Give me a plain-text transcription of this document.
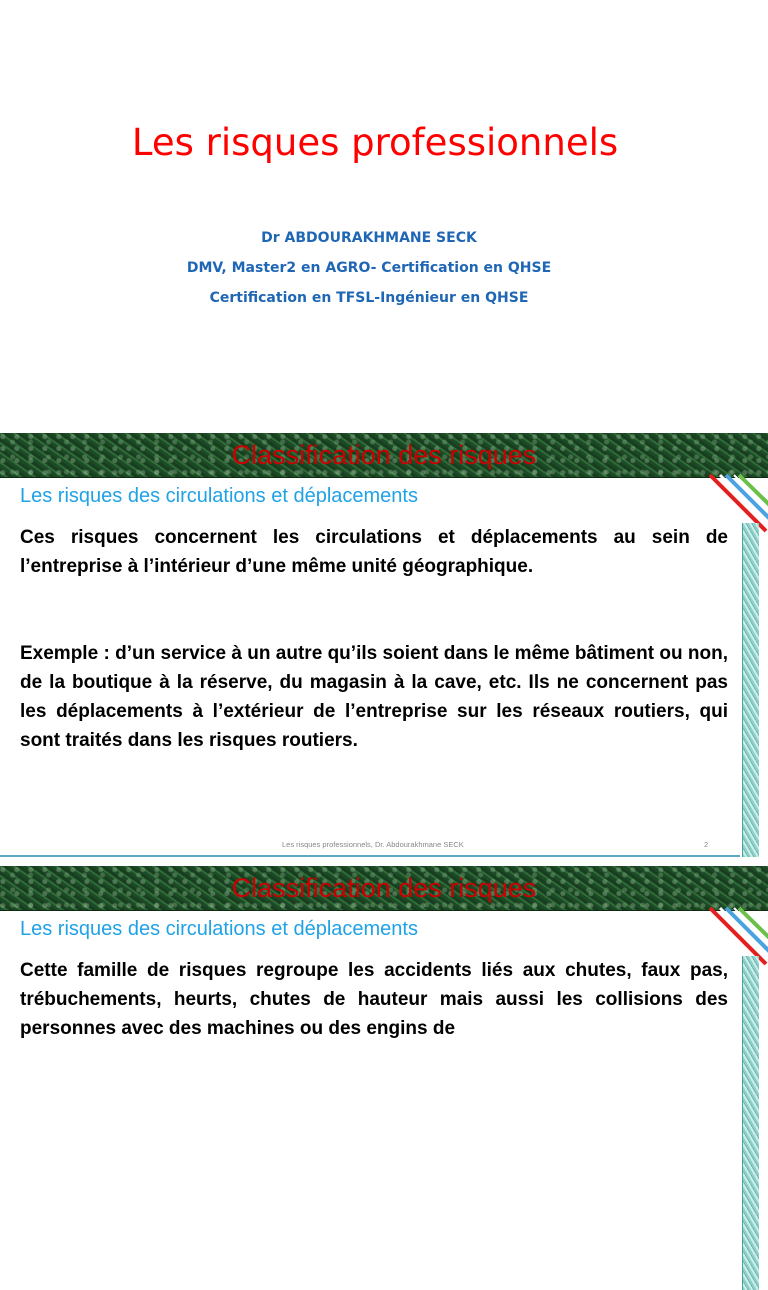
Les risques professionnels
Dr ABDOURAKHMANE SECK
DMV, Master2 en AGRO- Certification en QHSE
Certification en TFSL-Ingénieur en QHSE
Classification des risques
Les risques des circulations et déplacements

Ces risques concernent les circulations et déplacements au sein de l’entreprise à l’intérieur d’une même unité géographique.

Exemple : d’un service à un autre qu’ils soient dans le même bâtiment ou non, de la boutique à la réserve, du magasin à la cave, etc. Ils ne concernent pas les déplacements à l’extérieur de l’entreprise sur les réseaux routiers, qui sont traités dans les risques routiers.

Les risques professionnels, Dr. Abdourakhmane SECK	2
Classification des risques
Les risques des circulations et déplacements

Cette famille de risques regroupe les accidents liés aux chutes, faux pas, trébuchements, heurts, chutes de hauteur mais aussi les collisions des personnes avec des machines ou des engins de
